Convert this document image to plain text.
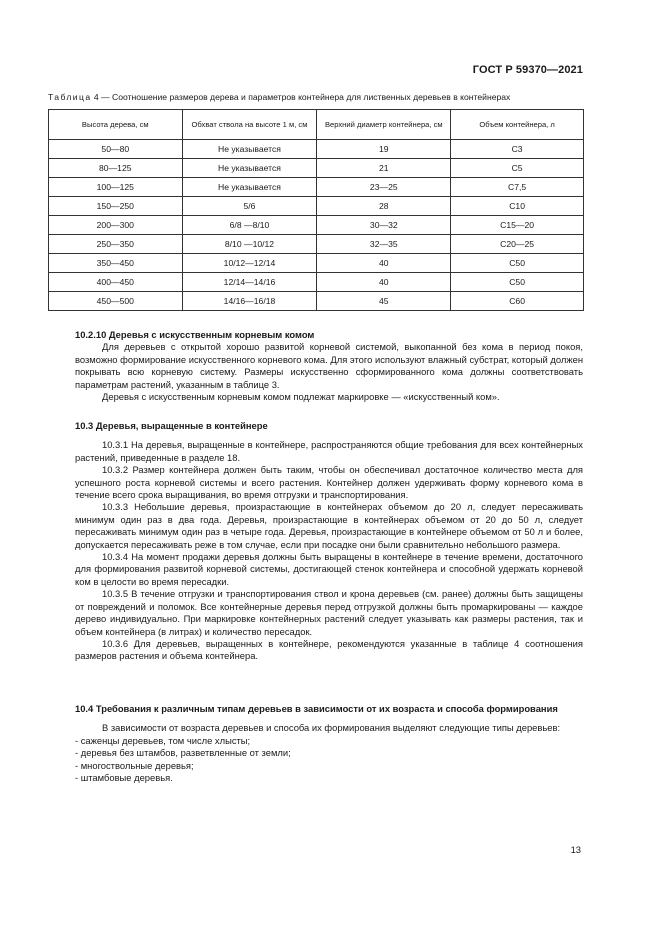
ГОСТ Р 59370—2021
Таблица 4 — Соотношение размеров дерева и параметров контейнера для лиственных деревьев в контейнерах
Высота дерева, см	Обхват ствола на высоте 1 м, см	Верхний диаметр контейнера, см	Объем контейнера, л
50—80	Не указывается	19	С3
80—125	Не указывается	21	С5
100—125	Не указывается	23—25	С7,5
150—250	5/6	28	С10
200—300	6/8 —8/10	30—32	С15—20
250—350	8/10 —10/12	32—35	С20—25
350—450	10/12—12/14	40	С50
400—450	12/14—14/16	40	С50
450—500	14/16—16/18	45	С60

10.2.10 Деревья с искусственным корневым комом

Для деревьев с открытой хорошо развитой корневой системой, выкопанной без кома в период покоя, возможно формирование искусственного корневого кома. Для этого используют влажный субстрат, который должен покрывать всю корневую систему. Размеры искусственно сформированного кома должны соответствовать параметрам растений, указанным в таблице 3.

Деревья с искусственным корневым комом подлежат маркировке — «искусственный ком».

10.3 Деревья, выращенные в контейнере

10.3.1 На деревья, выращенные в контейнере, распространяются общие требования для всех контейнерных растений, приведенные в разделе 18.

10.3.2 Размер контейнера должен быть таким, чтобы он обеспечивал достаточное количество места для успешного роста корневой системы и всего растения. Контейнер должен удерживать форму корневого кома в течение всего срока выращивания, во время отгрузки и транспортирования.

10.3.3 Небольшие деревья, произрастающие в контейнерах объемом до 20 л, следует пересаживать минимум один раз в два года. Деревья, произрастающие в контейнерах объемом от 20 до 50 л, следует пересаживать минимум один раз в четыре года. Деревья, произрастающие в контейнере объемом от 50 л и более, допускается пересаживать реже в том случае, если при посадке они были сравнительно небольшого размера.

10.3.4 На момент продажи деревья должны быть выращены в контейнере в течение времени, достаточного для формирования развитой корневой системы, достигающей стенок контейнера и способной удержать корневой ком в целости во время пересадки.

10.3.5 В течение отгрузки и транспортирования ствол и крона деревьев (см. ранее) должны быть защищены от повреждений и поломок. Все контейнерные деревья перед отгрузкой должны быть промаркированы — каждое дерево индивидуально. При маркировке контейнерных растений следует указывать как размеры растения, так и объем контейнера (в литрах) и количество пересадок.

10.3.6 Для деревьев, выращенных в контейнере, рекомендуются указанные в таблице 4 соотношения размеров растения и объема контейнера.

10.4 Требования к различным типам деревьев в зависимости от их возраста и способа формирования

В зависимости от возраста деревьев и способа их формирования выделяют следующие типы деревьев:

- саженцы деревьев, том числе хлысты;
- деревья без штамбов, разветвленные от земли;
- многоствольные деревья;
- штамбовые деревья.
13
